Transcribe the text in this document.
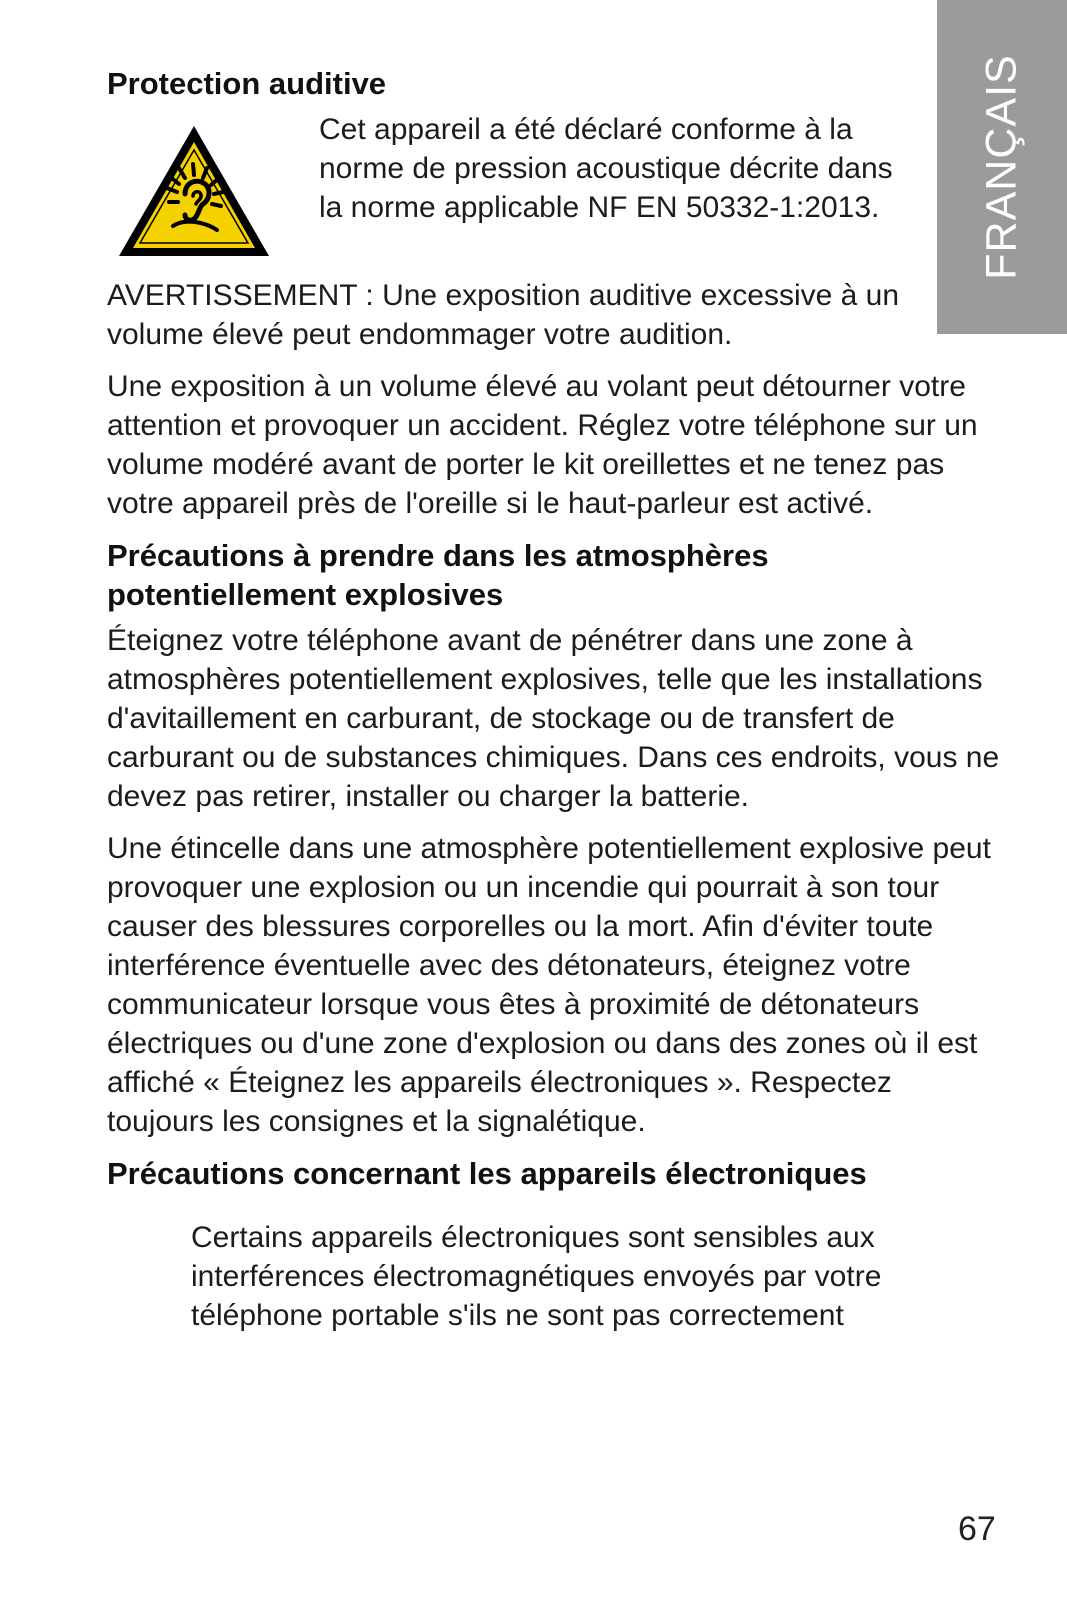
FRANÇAIS
Protection auditive

Cet appareil a été déclaré conforme à la norme de pression acoustique décrite dans la norme applicable NF EN 50332-1:2013.

AVERTISSEMENT : Une exposition auditive excessive à un volume élevé peut endommager votre audition.

Une exposition à un volume élevé au volant peut détourner votre attention et provoquer un accident. Réglez votre téléphone sur un volume modéré avant de porter le kit oreillettes et ne tenez pas votre appareil près de l'oreille si le haut-parleur est activé.

Précautions à prendre dans les atmosphères potentiellement explosives

Éteignez votre téléphone avant de pénétrer dans une zone à atmosphères potentiellement explosives, telle que les installations d'avitaillement en carburant, de stockage ou de transfert de carburant ou de substances chimiques. Dans ces endroits, vous ne devez pas retirer, installer ou charger la batterie.

Une étincelle dans une atmosphère potentiellement explosive peut provoquer une explosion ou un incendie qui pourrait à son tour causer des blessures corporelles ou la mort. Afin d'éviter toute interférence éventuelle avec des détonateurs, éteignez votre communicateur lorsque vous êtes à proximité de détonateurs électriques ou d'une zone d'explosion ou dans des zones où il est affiché « Éteignez les appareils électroniques ». Respectez toujours les consignes et la signalétique.

Précautions concernant les appareils électroniques

Certains appareils électroniques sont sensibles aux interférences électromagnétiques envoyés par votre téléphone portable s'ils ne sont pas correctement

67
